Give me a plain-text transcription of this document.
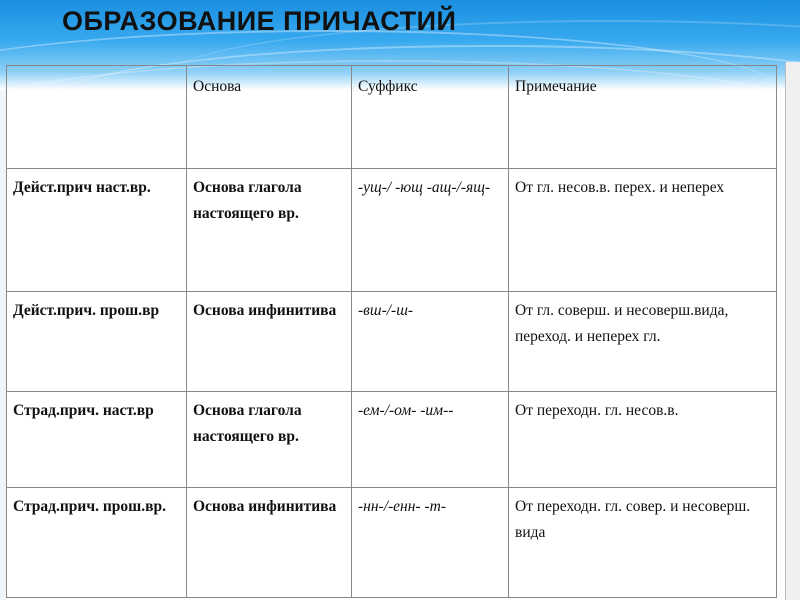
ОБРАЗОВАНИЕ ПРИЧАСТИЙ
	Основа	Суффикс	Примечание
Дейст.прич наст.вр.	Основа глагола настоящего вр.	-ущ-/ -ющ -ащ-/-ящ-	От гл. несов.в. перех. и неперех
Дейст.прич. прош.вр	Основа инфинитива	-вш-/-ш-	От гл. соверш. и несоверш.вида, переход. и неперех гл.
Страд.прич. наст.вр	Основа глагола настоящего вр.	-ем-/-ом- -им--	От переходн. гл. несов.в.
Страд.прич. прош.вр.	Основа инфинитива	-нн-/-енн- -т-	От переходн. гл. совер. и несоверш. вида
